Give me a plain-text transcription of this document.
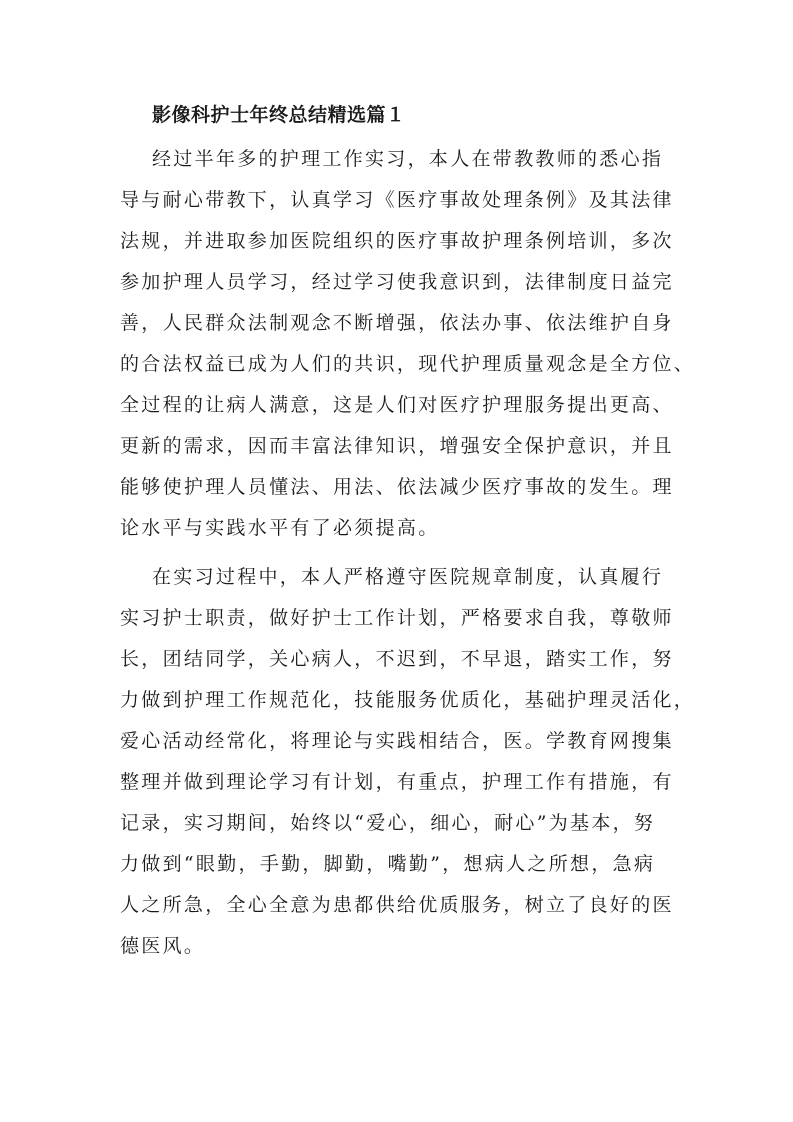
影像科护士年终总结精选篇１

经过半年多的护理工作实习，本人在带教教师的悉心指

导与耐心带教下，认真学习《医疗事故处理条例》及其法律

法规，并进取参加医院组织的医疗事故护理条例培训，多次

参加护理人员学习，经过学习使我意识到，法律制度日益完

善，人民群众法制观念不断增强，依法办事、依法维护自身

的合法权益已成为人们的共识，现代护理质量观念是全方位、

全过程的让病人满意，这是人们对医疗护理服务提出更高、

更新的需求，因而丰富法律知识，增强安全保护意识，并且

能够使护理人员懂法、用法、依法减少医疗事故的发生。理

论水平与实践水平有了必须提高。

在实习过程中，本人严格遵守医院规章制度，认真履行

实习护士职责，做好护士工作计划，严格要求自我，尊敬师

长，团结同学，关心病人，不迟到，不早退，踏实工作，努

力做到护理工作规范化，技能服务优质化，基础护理灵活化，

爱心活动经常化，将理论与实践相结合，医。学教育网搜集

整理并做到理论学习有计划，有重点，护理工作有措施，有

记录，实习期间，始终以“爱心，细心，耐心”为基本，努

力做到“眼勤，手勤，脚勤，嘴勤”，想病人之所想，急病

人之所急，全心全意为患都供给优质服务，树立了良好的医

德医风。
